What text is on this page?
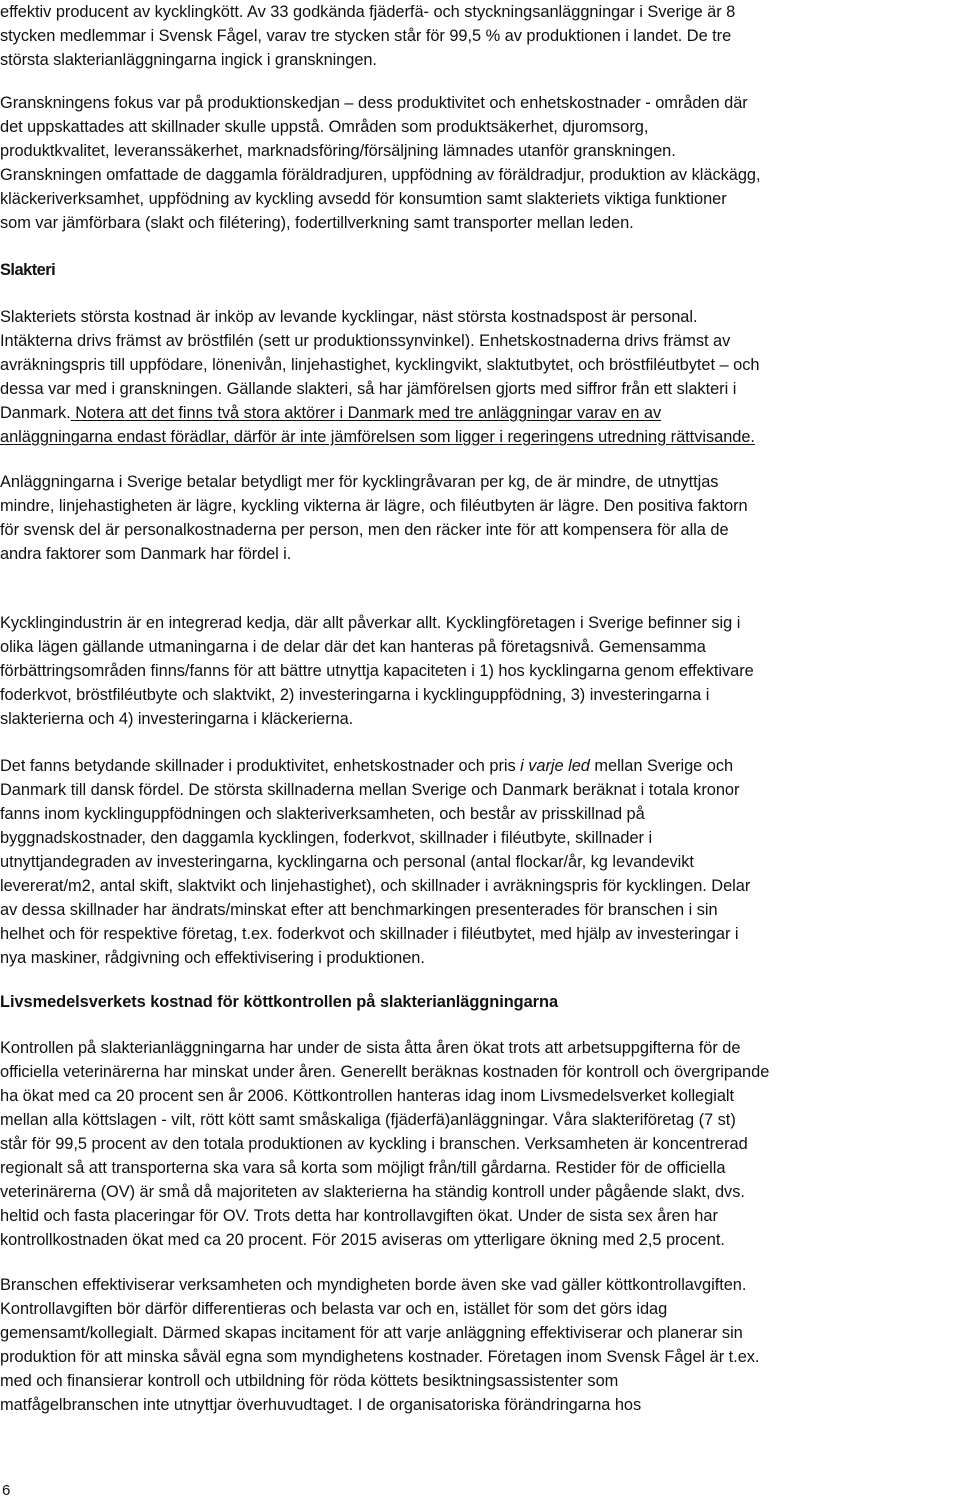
effektiv producent av kycklingkött. Av 33 godkända fjäderfä- och styckningsanläggningar i Sverige är 8
stycken medlemmar i Svensk Fågel, varav tre stycken står för 99,5 % av produktionen i landet. De tre
största slakterianläggningarna ingick i granskningen.
Granskningens fokus var på produktionskedjan – dess produktivitet och enhetskostnader - områden där
det uppskattades att skillnader skulle uppstå. Områden som produktsäkerhet, djuromsorg,
produktkvalitet, leveranssäkerhet, marknadsföring/försäljning lämnades utanför granskningen.
Granskningen omfattade de daggamla föräldradjuren, uppfödning av föräldradjur, produktion av kläckägg,
kläckeriverksamhet, uppfödning av kyckling avsedd för konsumtion samt slakteriets viktiga funktioner
som var jämförbara (slakt och filétering), fodertillverkning samt transporter mellan leden.
Slakteri
Slakteriets största kostnad är inköp av levande kycklingar, näst största kostnadspost är personal.
Intäkterna drivs främst av bröstfilén (sett ur produktionssynvinkel). Enhetskostnaderna drivs främst av
avräkningspris till uppfödare, lönenivån, linjehastighet, kycklingvikt, slaktutbytet, och bröstfiléutbytet – och
dessa var med i granskningen. Gällande slakteri, så har jämförelsen gjorts med siffror från ett slakteri i
Danmark. Notera att det finns två stora aktörer i Danmark med tre anläggningar varav en av
anläggningarna endast förädlar, därför är inte jämförelsen som ligger i regeringens utredning rättvisande.
Anläggningarna i Sverige betalar betydligt mer för kycklingråvaran per kg, de är mindre, de utnyttjas
mindre, linjehastigheten är lägre, kyckling vikterna är lägre, och filéutbyten är lägre. Den positiva faktorn
för svensk del är personalkostnaderna per person, men den räcker inte för att kompensera för alla de
andra faktorer som Danmark har fördel i.
Kycklingindustrin är en integrerad kedja, där allt påverkar allt. Kycklingföretagen i Sverige befinner sig i
olika lägen gällande utmaningarna i de delar där det kan hanteras på företagsnivå. Gemensamma
förbättringsområden finns/fanns för att bättre utnyttja kapaciteten i 1) hos kycklingarna genom effektivare
foderkvot, bröstfiléutbyte och slaktvikt, 2) investeringarna i kycklinguppfödning, 3) investeringarna i
slakterierna och 4) investeringarna i kläckerierna.
Det fanns betydande skillnader i produktivitet, enhetskostnader och pris i varje led mellan Sverige och
Danmark till dansk fördel. De största skillnaderna mellan Sverige och Danmark beräknat i totala kronor
fanns inom kycklinguppfödningen och slakteriverksamheten, och består av prisskillnad på
byggnadskostnader, den daggamla kycklingen, foderkvot, skillnader i filéutbyte, skillnader i
utnyttjandegraden av investeringarna, kycklingarna och personal (antal flockar/år, kg levandevikt
levererat/m2, antal skift, slaktvikt och linjehastighet), och skillnader i avräkningspris för kycklingen. Delar
av dessa skillnader har ändrats/minskat efter att benchmarkingen presenterades för branschen i sin
helhet och för respektive företag, t.ex. foderkvot och skillnader i filéutbytet, med hjälp av investeringar i
nya maskiner, rådgivning och effektivisering i produktionen.
Livsmedelsverkets kostnad för köttkontrollen på slakterianläggningarna
Kontrollen på slakterianläggningarna har under de sista åtta åren ökat trots att arbetsuppgifterna för de
officiella veterinärerna har minskat under åren. Generellt beräknas kostnaden för kontroll och övergripande
ha ökat med ca 20 procent sen år 2006. Köttkontrollen hanteras idag inom Livsmedelsverket kollegialt
mellan alla köttslagen - vilt, rött kött samt småskaliga (fjäderfä)anläggningar. Våra slakteriföretag (7 st)
står för 99,5 procent av den totala produktionen av kyckling i branschen. Verksamheten är koncentrerad
regionalt så att transporterna ska vara så korta som möjligt från/till gårdarna. Restider för de officiella
veterinärerna (OV) är små då majoriteten av slakterierna ha ständig kontroll under pågående slakt, dvs.
heltid och fasta placeringar för OV. Trots detta har kontrollavgiften ökat. Under de sista sex åren har
kontrollkostnaden ökat med ca 20 procent. För 2015 aviseras om ytterligare ökning med 2,5 procent.
Branschen effektiviserar verksamheten och myndigheten borde även ske vad gäller köttkontrollavgiften.
Kontrollavgiften bör därför differentieras och belasta var och en, istället för som det görs idag
gemensamt/kollegialt. Därmed skapas incitament för att varje anläggning effektiviserar och planerar sin
produktion för att minska såväl egna som myndighetens kostnader. Företagen inom Svensk Fågel är t.ex.
med och finansierar kontroll och utbildning för röda köttets besiktningsassistenter som
matfågelbranschen inte utnyttjar överhuvudtaget. I de organisatoriska förändringarna hos
6
